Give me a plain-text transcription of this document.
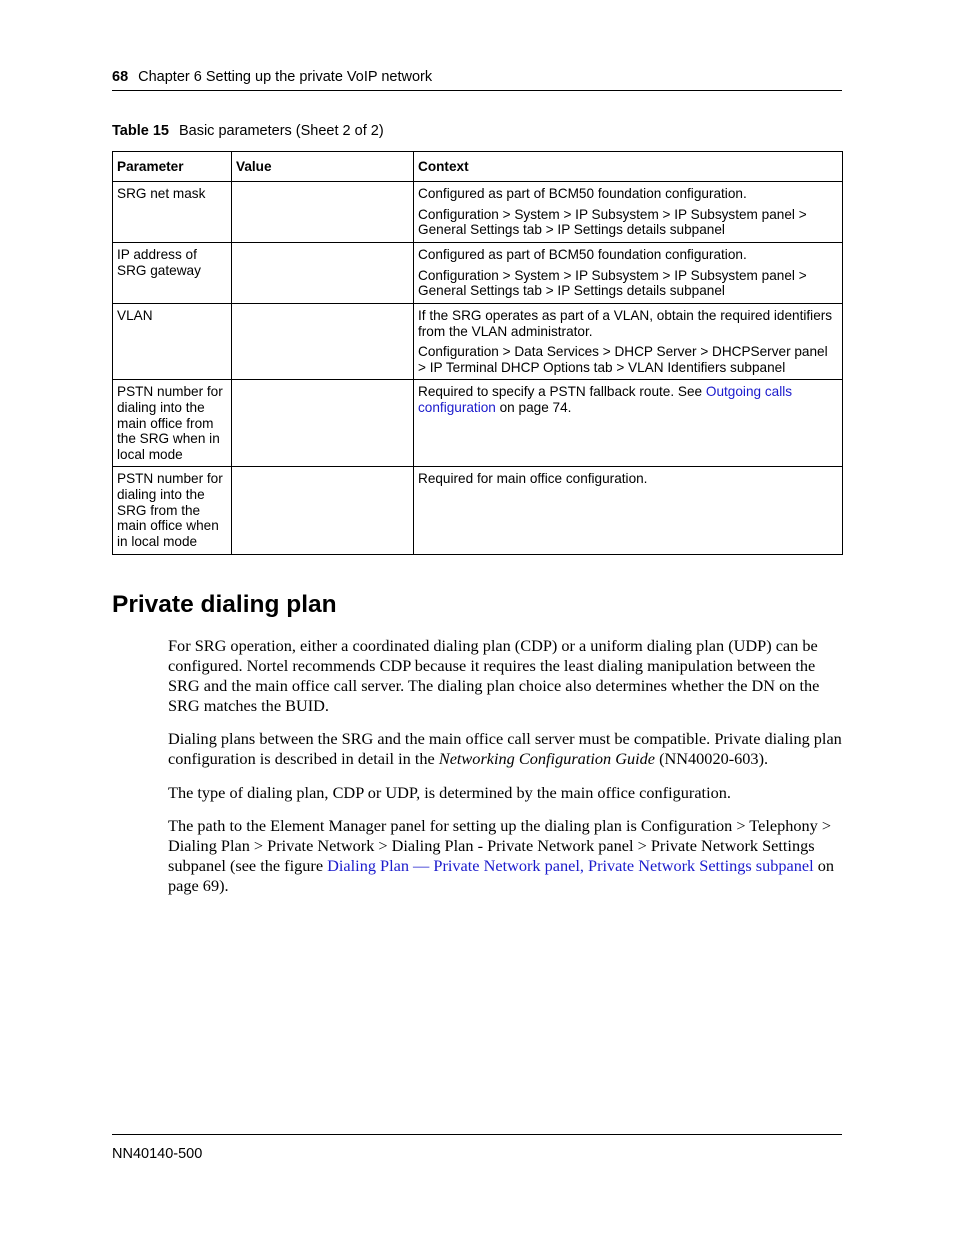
68 Chapter 6 Setting up the private VoIP network
Table 15 Basic parameters (Sheet 2 of 2)
Parameter	Value	Context
SRG net mask		Configured as part of BCM50 foundation configuration.

Configuration > System > IP Subsystem > IP Subsystem panel > General Settings tab > IP Settings details subpanel

IP address of SRG gateway		Configured as part of BCM50 foundation configuration.

Configuration > System > IP Subsystem > IP Subsystem panel > General Settings tab > IP Settings details subpanel

VLAN		If the SRG operates as part of a VLAN, obtain the required identifiers from the VLAN administrator.

Configuration > Data Services > DHCP Server > DHCPServer panel > IP Terminal DHCP Options tab > VLAN Identifiers subpanel

PSTN number for dialing into the main office from the SRG when in local mode		Required to specify a PSTN fallback route. See Outgoing calls configuration on page 74.

PSTN number for dialing into the SRG from the main office when in local mode		Required for main office configuration.

Private dialing plan

For SRG operation, either a coordinated dialing plan (CDP) or a uniform dialing plan (UDP) can be configured. Nortel recommends CDP because it requires the least dialing manipulation between the SRG and the main office call server. The dialing plan choice also determines whether the DN on the SRG matches the BUID.

Dialing plans between the SRG and the main office call server must be compatible. Private dialing plan configuration is described in detail in the Networking Configuration Guide (NN40020-603).

The type of dialing plan, CDP or UDP, is determined by the main office configuration.

The path to the Element Manager panel for setting up the dialing plan is Configuration > Telephony > Dialing Plan > Private Network > Dialing Plan - Private Network panel > Private Network Settings subpanel (see the figure Dialing Plan — Private Network panel, Private Network Settings subpanel on page 69).

NN40140-500
